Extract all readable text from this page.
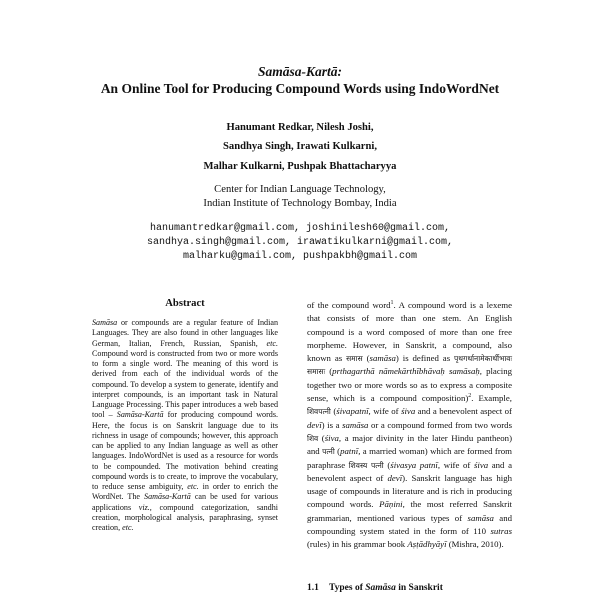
Samāsa-Kartā:
An Online Tool for Producing Compound Words using IndoWordNet
Hanumant Redkar, Nilesh Joshi,
Sandhya Singh, Irawati Kulkarni,
Malhar Kulkarni, Pushpak Bhattacharyya
Center for Indian Language Technology,
Indian Institute of Technology Bombay, India
hanumantredkar@gmail.com, joshinilesh60@gmail.com,
sandhya.singh@gmail.com, irawatikulkarni@gmail.com,
malharku@gmail.com, pushpakbh@gmail.com
Abstract

Samāsa or compounds are a regular feature of Indian Languages. They are also found in other languages like German, Italian, French, Russian, Spanish, etc. Compound word is constructed from two or more words to form a single word. The meaning of this word is derived from each of the individual words of the compound. To develop a system to generate, identify and interpret compounds, is an important task in Natural Language Processing. This paper introduces a web based tool – Samāsa-Kartā for producing compound words. Here, the focus is on Sanskrit language due to its richness in usage of compounds; however, this approach can be applied to any Indian language as well as other languages. IndoWordNet is used as a resource for words to be compounded. The motivation behind creating compound words is to create, to improve the vocabulary, to reduce sense ambiguity, etc. in order to enrich the WordNet. The Samāsa-Kartā can be used for various applications viz., compound categorization, sandhi creation, morphological analysis, paraphrasing, synset creation, etc.

of the compound word$^1$. A compound word is a lexeme that consists of more than one stem. An English compound is a word composed of more than one free morpheme. However, in Sanskrit, a compound, also known as समास (samāsa) is defined as पृथगर्थानामेकार्थीभावः समासः (prthagarthā nāmekārthībhāvaḥ samāsaḥ, placing together two or more words so as to express a composite sense, which is a compound composition)$^2$. Example, शिवपत्नी (śivapatnī, wife of śiva and a benevolent aspect of devī) is a samāsa or a compound formed from two words शिव (śiva, a major divinity in the later Hindu pantheon) and पत्नी (patnī, a married woman) which are formed from paraphrase शिवस्य पत्नी (śivasya patnī, wife of śiva and a benevolent aspect of devī). Sanskrit language has high usage of compounds in literature and is rich in producing compound words. Pāṇini, the most referred Sanskrit grammarian, mentioned various types of samāsa and compounding system stated in the form of 110 sutras (rules) in his grammar book Aṣṭādhyāyī (Mishra, 2010).

1.1 Types of Samāsa in Sanskrit
